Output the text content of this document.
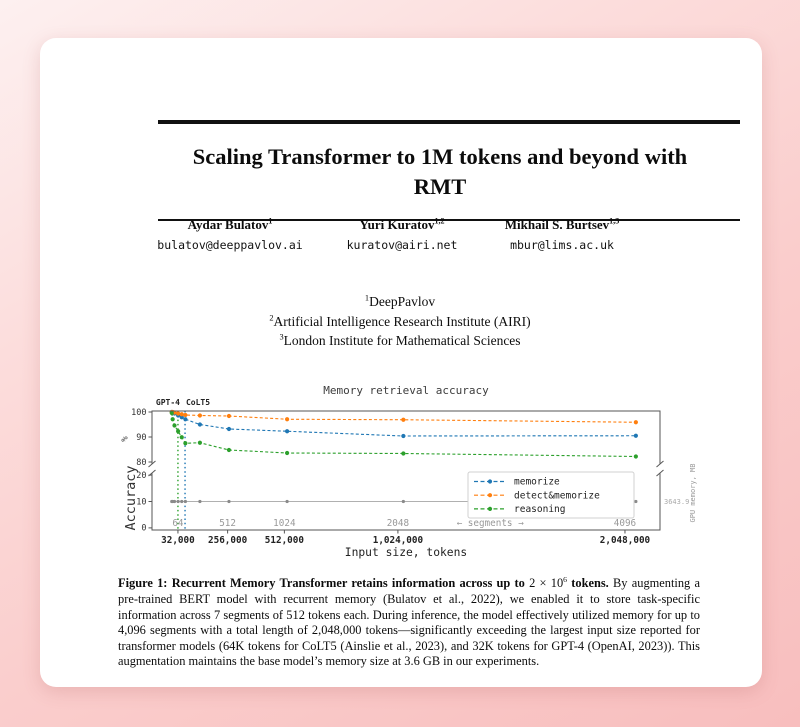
Scaling Transformer to 1M tokens and beyond with
RMT
Aydar Bulatov$^1$
bulatov@deeppavlov.ai
Yuri Kuratov$^{1,2}$
kuratov@airi.net
Mikhail S. Burtsev$^{1,3}$
mbur@lims.ac.uk
$^1$DeepPavlov
$^2$Artificial Intelligence Research Institute (AIRI)
$^3$London Institute for Mathematical Sciences
Memory retrieval accuracy
GPT-4 CoLT5
3643.9
100
90
80
20
10
0
32,000
64
256,000
512
512,000
1024
1,024,000
2048
2,048,000
4096
← segments →
Input size, tokens
%
Accuracy	GPU memory, MB
memorize
detect&memorize
reasoning

Figure 1: Recurrent Memory Transformer retains information across up to $2 \times 10^6$ tokens. By augmenting a pre-trained BERT model with recurrent memory (Bulatov et al., 2022), we enabled it to store task-specific information across 7 segments of 512 tokens each. During inference, the model effectively utilized memory for up to 4,096 segments with a total length of 2,048,000 tokens—significantly exceeding the largest input size reported for transformer models (64K tokens for CoLT5 (Ainslie et al., 2023), and 32K tokens for GPT-4 (OpenAI, 2023)). This augmentation maintains the base model’s memory size at 3.6 GB in our experiments.
